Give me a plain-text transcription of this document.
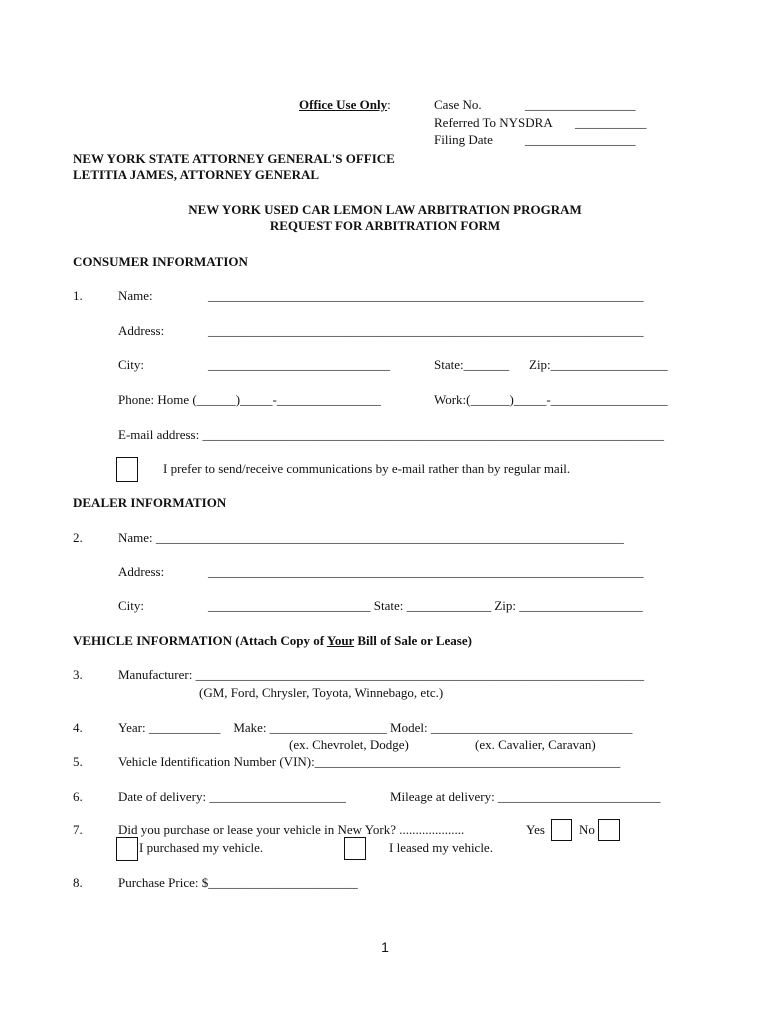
Office Use Only:	Case No.	_________________
Referred To NYSDRA ___________
Filing Date _________________
NEW YORK STATE ATTORNEY GENERAL'S OFFICE
LETITIA JAMES, ATTORNEY GENERAL
NEW YORK USED CAR LEMON LAW ARBITRATION PROGRAM
REQUEST FOR ARBITRATION FORM
CONSUMER INFORMATION
1.	Name:	___________________________________________________________________
Address:	___________________________________________________________________
City:	____________________________	State:_______ Zip:__________________
Phone: Home (______)_____-________________	Work:(______)_____-__________________
E-mail address: _______________________________________________________________________
I prefer to send/receive communications by e-mail rather than by regular mail.
DEALER INFORMATION
2.	Name: ________________________________________________________________________
Address:	___________________________________________________________________
City:	_________________________ State: _____________ Zip: ___________________
VEHICLE INFORMATION (Attach Copy of Your Bill of Sale or Lease)
3.	Manufacturer: _____________________________________________________________________
(GM, Ford, Chrysler, Toyota, Winnebago, etc.)
4.	Year: ___________    Make: __________________ Model: _______________________________
(ex. Chevrolet, Dodge)	(ex. Cavalier, Caravan)
5.	Vehicle Identification Number (VIN):_______________________________________________
6.	Date of delivery: _____________________	Mileage at delivery: _________________________
7.	Did you purchase or lease your vehicle in New York? ....................	Yes	No
I purchased my vehicle.	I leased my vehicle.
8.	Purchase Price: $_______________________
1
